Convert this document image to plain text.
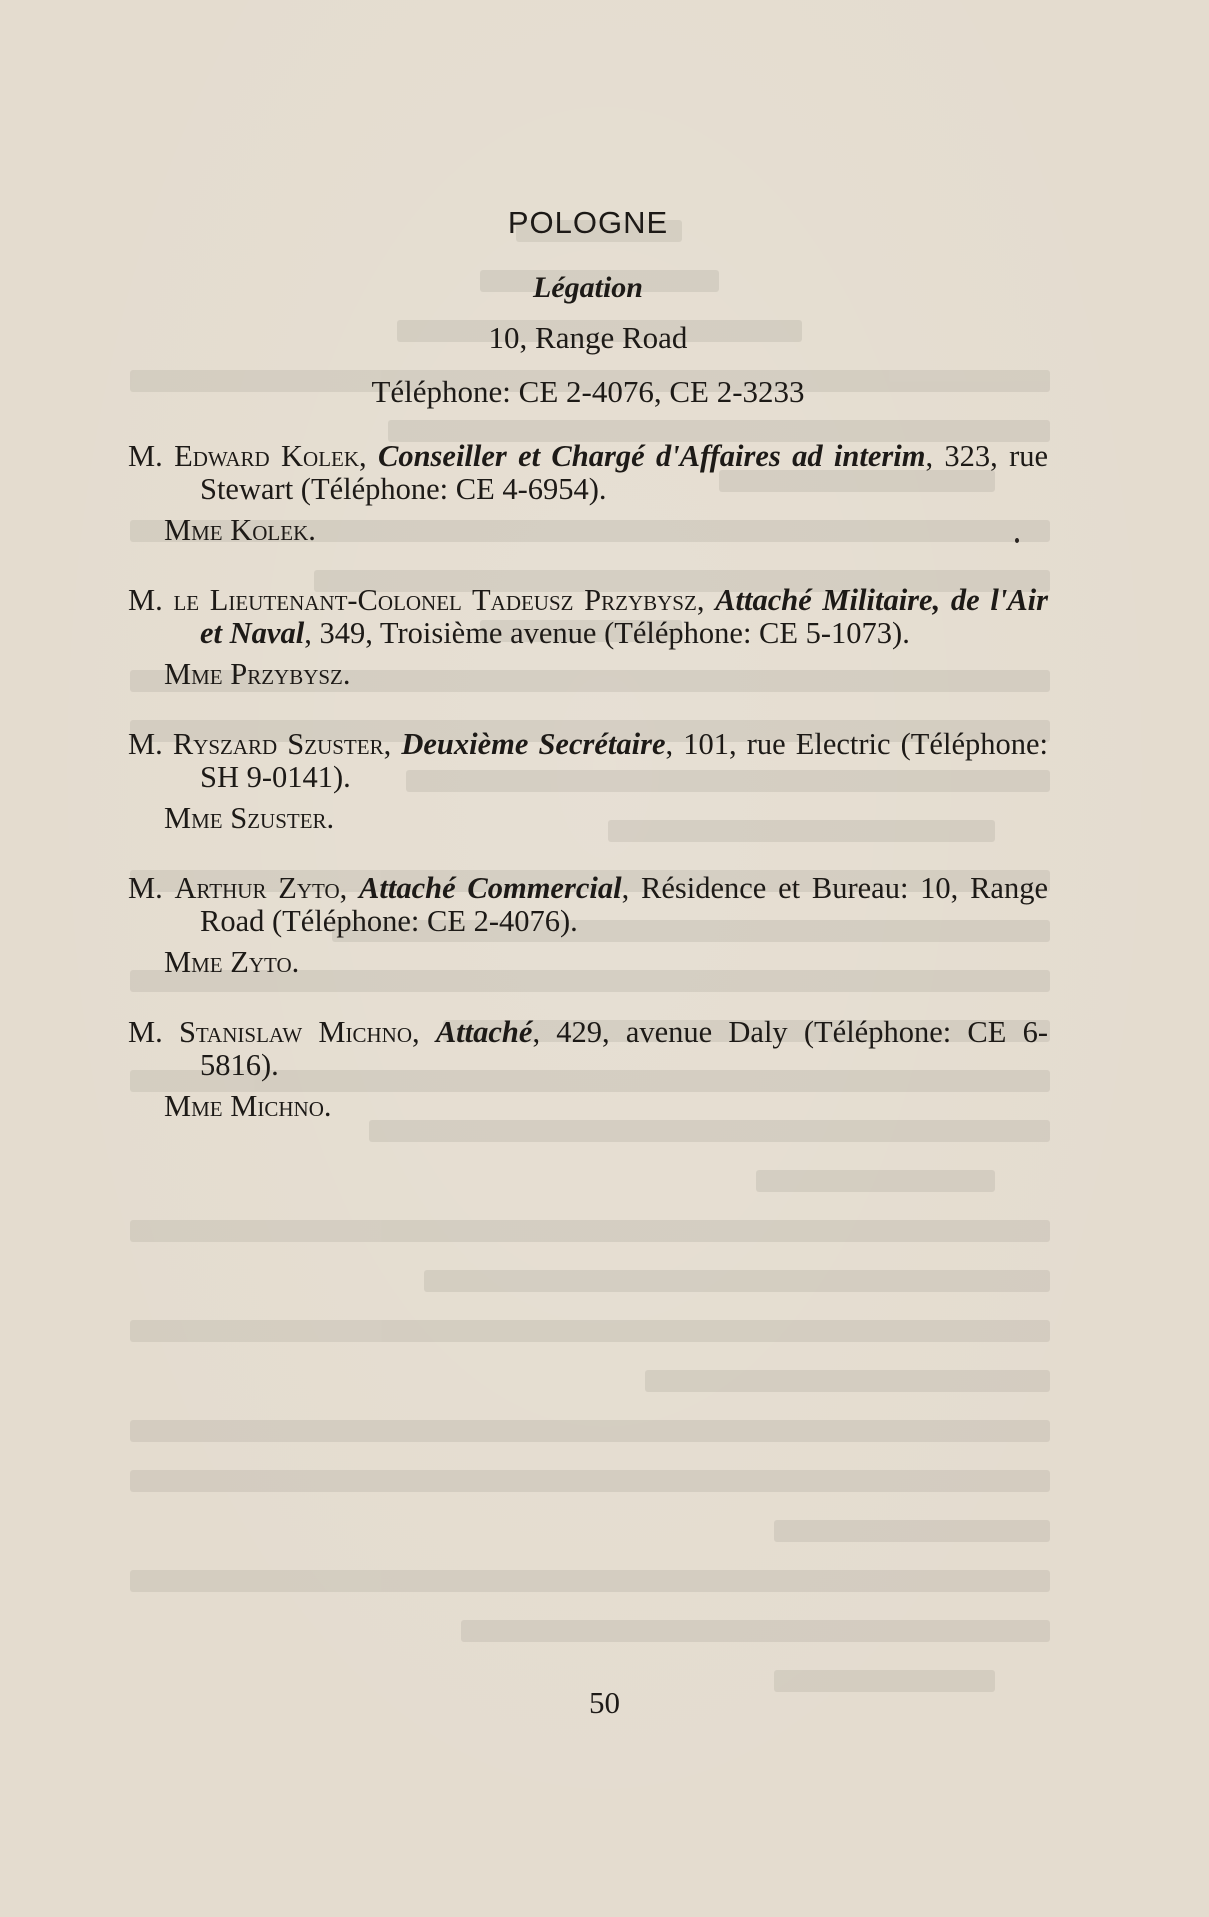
POLOGNE
Légation
10, Range Road
Téléphone: CE 2-4076, CE 2-3233

M. Edward Kolek, Conseiller et Chargé d'Affaires ad interim, 323, rue Stewart (Téléphone: CE 4-6954).

Mme Kolek.

M. le Lieutenant-Colonel Tadeusz Przybysz, Attaché Militaire, de l'Air et Naval, 349, Troisième avenue (Téléphone: CE 5-1073).

Mme Przybysz.

M. Ryszard Szuster, Deuxième Secrétaire, 101, rue Electric (Téléphone: SH 9-0141).

Mme Szuster.

M. Arthur Zyto, Attaché Commercial, Résidence et Bureau: 10, Range Road (Téléphone: CE 2-4076).

Mme Zyto.

M. Stanislaw Michno, Attaché, 429, avenue Daly (Téléphone: CE 6-5816).

Mme Michno.
50
